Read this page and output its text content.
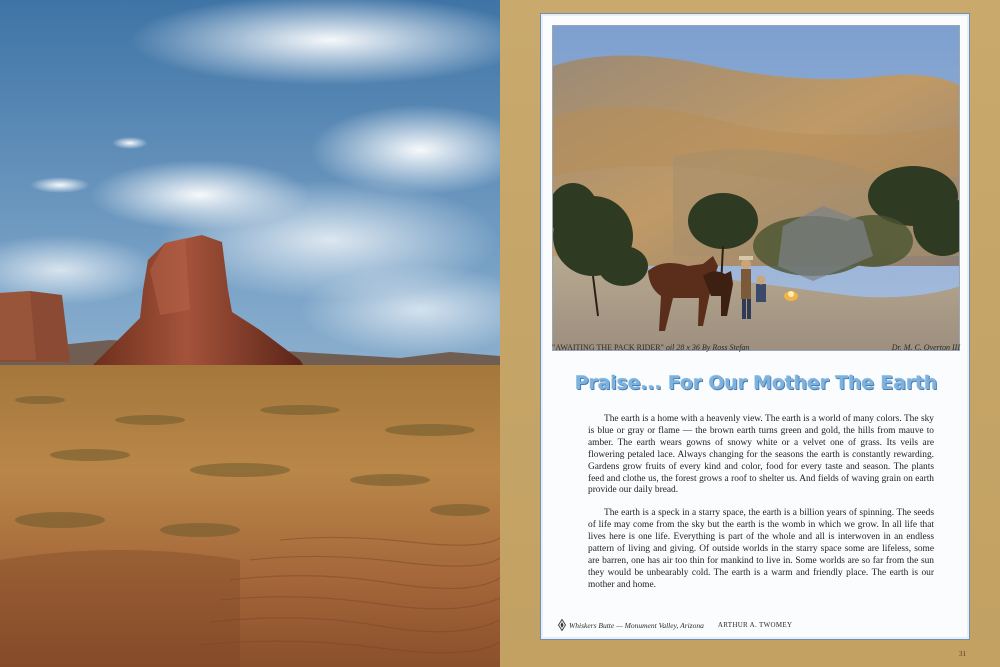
"AWAITING THE PACK RIDER" oil 28 x 36 By Ross Stefan	Dr. M. C. Overton III
Praise... For Our Mother The Earth

The earth is a home with a heavenly view. The earth is a world of many colors. The sky is blue or gray or flame — the brown earth turns green and gold, the hills from mauve to amber. The earth wears gowns of snowy white or a velvet one of grass. Its veils are flowering petaled lace. Always changing for the seasons the earth is constantly rewarding. Gardens grow fruits of every kind and color, food for every taste and season. The plants feed and clothe us, the forest grows a roof to shelter us. And fields of waving grain on earth provide our daily bread.

The earth is a speck in a starry space, the earth is a billion years of spinning. The seeds of life may come from the sky but the earth is the womb in which we grow. In all life that lives here is one life. Everything is part of the whole and all is interwoven in an endless pattern of living and giving. Of outside worlds in the starry space some are lifeless, some are barren, one has air too thin for mankind to live in. Some worlds are so far from the sun they would be unbearably cold. The earth is a warm and friendly place. The earth is our mother and home.

Whiskers Butte — Monument Valley, Arizona ARTHUR A. TWOMEY
31
